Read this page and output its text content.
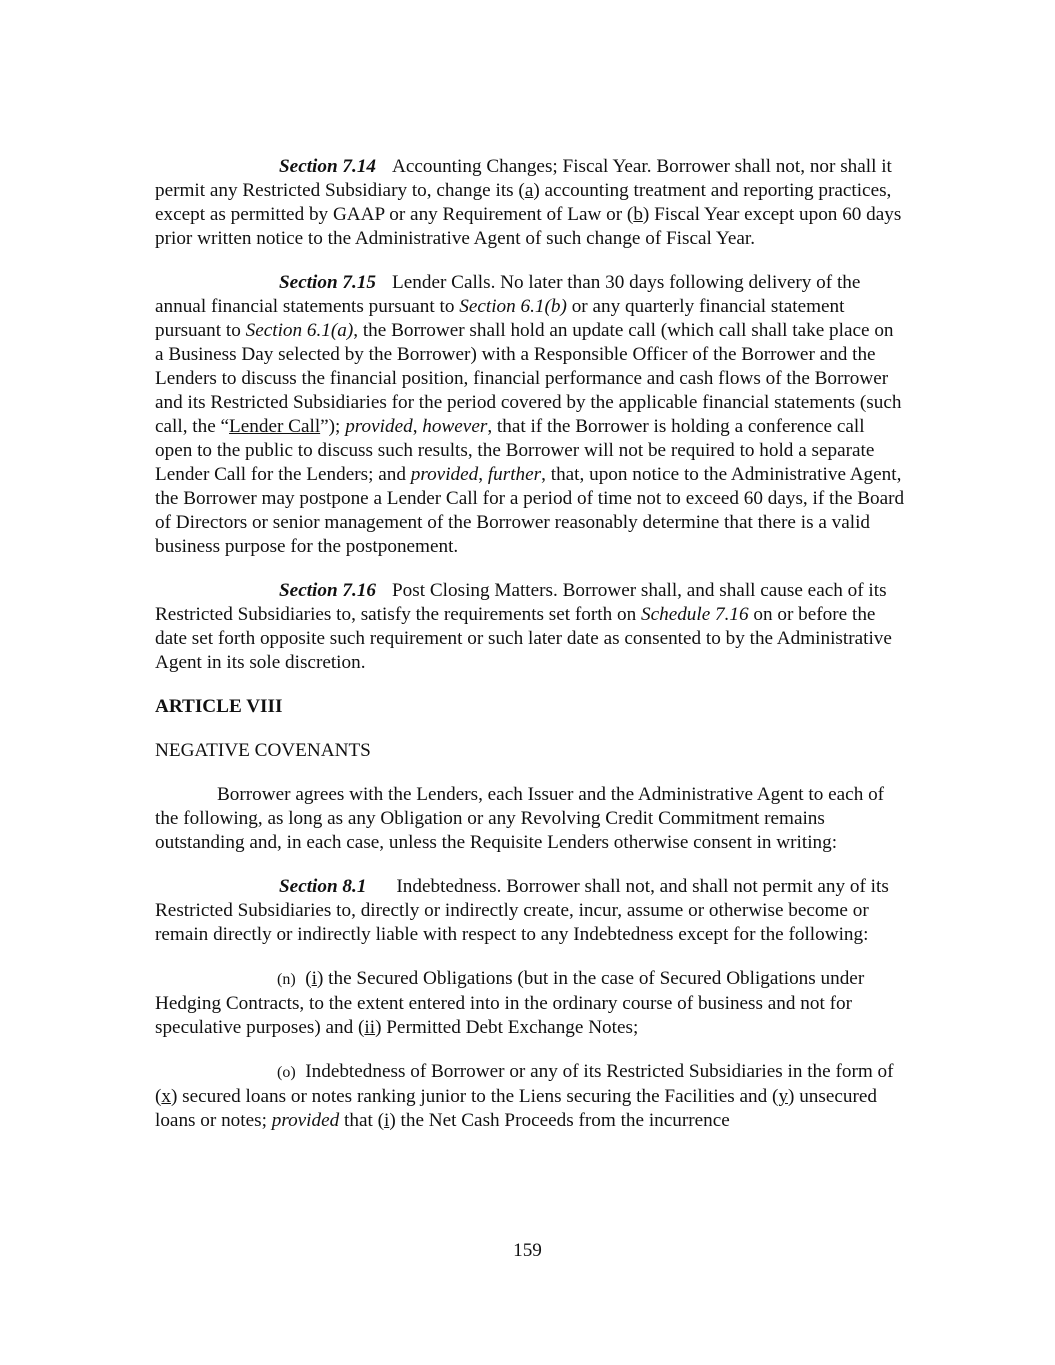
Section 7.14 Accounting Changes; Fiscal Year. Borrower shall not, nor shall it permit any Restricted Subsidiary to, change its (a) accounting treatment and reporting practices, except as permitted by GAAP or any Requirement of Law or (b) Fiscal Year except upon 60 days prior written notice to the Administrative Agent of such change of Fiscal Year.

Section 7.15 Lender Calls. No later than 30 days following delivery of the annual financial statements pursuant to Section 6.1(b) or any quarterly financial statement pursuant to Section 6.1(a), the Borrower shall hold an update call (which call shall take place on a Business Day selected by the Borrower) with a Responsible Officer of the Borrower and the Lenders to discuss the financial position, financial performance and cash flows of the Borrower and its Restricted Subsidiaries for the period covered by the applicable financial statements (such call, the “Lender Call”); provided, however, that if the Borrower is holding a conference call open to the public to discuss such results, the Borrower will not be required to hold a separate Lender Call for the Lenders; and provided, further, that, upon notice to the Administrative Agent, the Borrower may postpone a Lender Call for a period of time not to exceed 60 days, if the Board of Directors or senior management of the Borrower reasonably determine that there is a valid business purpose for the postponement.

Section 7.16 Post Closing Matters. Borrower shall, and shall cause each of its Restricted Subsidiaries to, satisfy the requirements set forth on Schedule 7.16 on or before the date set forth opposite such requirement or such later date as consented to by the Administrative Agent in its sole discretion.

ARTICLE VIII

NEGATIVE COVENANTS

Borrower agrees with the Lenders, each Issuer and the Administrative Agent to each of the following, as long as any Obligation or any Revolving Credit Commitment remains outstanding and, in each case, unless the Requisite Lenders otherwise consent in writing:

Section 8.1 Indebtedness. Borrower shall not, and shall not permit any of its Restricted Subsidiaries to, directly or indirectly create, incur, assume or otherwise become or remain directly or indirectly liable with respect to any Indebtedness except for the following:

(n) (i) the Secured Obligations (but in the case of Secured Obligations under Hedging Contracts, to the extent entered into in the ordinary course of business and not for speculative purposes) and (ii) Permitted Debt Exchange Notes;

(o) Indebtedness of Borrower or any of its Restricted Subsidiaries in the form of (x) secured loans or notes ranking junior to the Liens securing the Facilities and (y) unsecured loans or notes; provided that (i) the Net Cash Proceeds from the incurrence

159
